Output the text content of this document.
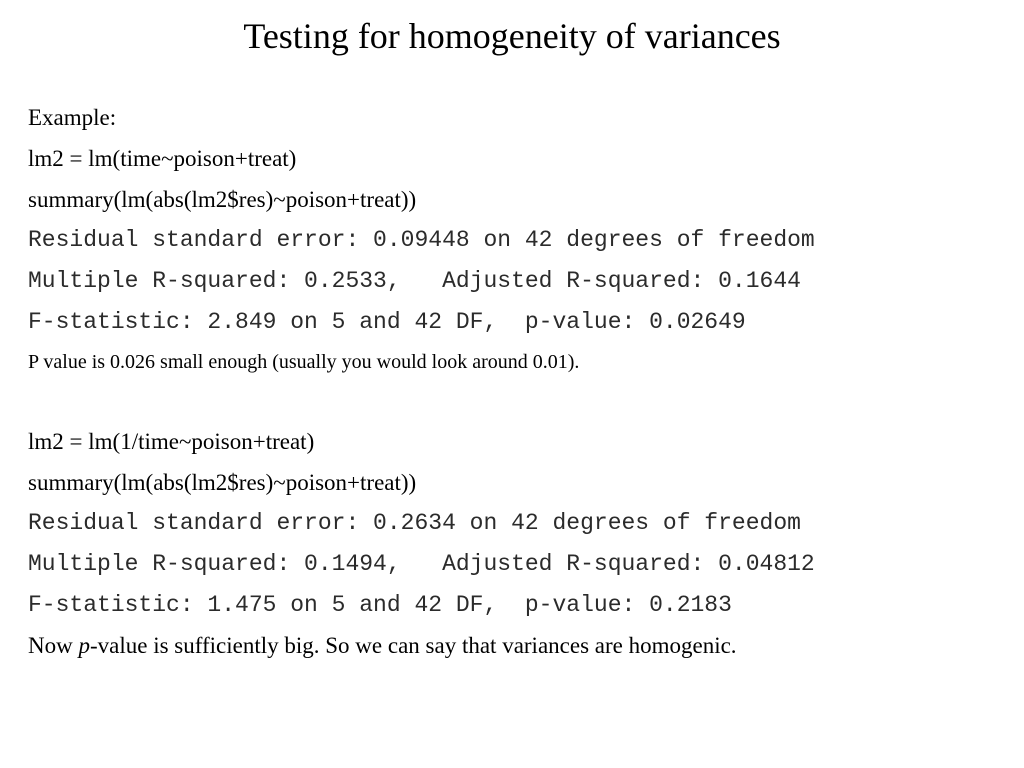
Testing for homogeneity of variances
Example:
lm2 = lm(time~poison+treat)
summary(lm(abs(lm2$res)~poison+treat))
Residual standard error: 0.09448 on 42 degrees of freedom
Multiple R-squared: 0.2533,   Adjusted R-squared: 0.1644
F-statistic: 2.849 on 5 and 42 DF,  p-value: 0.02649
P value is 0.026 small enough (usually you would look around 0.01).
lm2 = lm(1/time~poison+treat)
summary(lm(abs(lm2$res)~poison+treat))
Residual standard error: 0.2634 on 42 degrees of freedom
Multiple R-squared: 0.1494,   Adjusted R-squared: 0.04812
F-statistic: 1.475 on 5 and 42 DF,  p-value: 0.2183
Now p-value is sufficiently big. So we can say that variances are homogenic.
